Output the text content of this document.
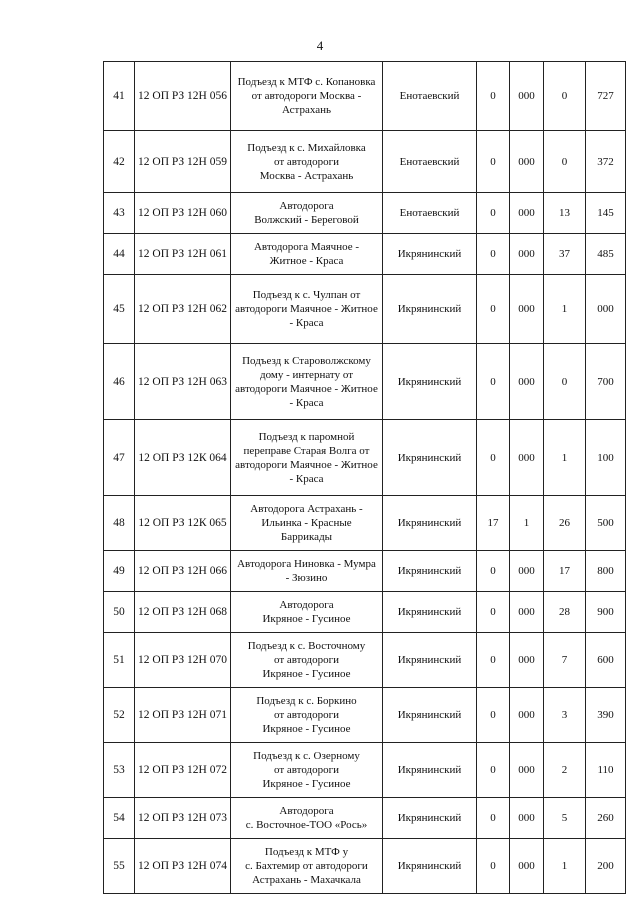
4
41	12 ОП РЗ 12Н 056	Подъезд к МТФ с. Копановка
от автодороги Москва -
Астрахань	Енотаевский	0	000	0	727
42	12 ОП РЗ 12Н 059	Подъезд к с. Михайловка
от автодороги
Москва - Астрахань	Енотаевский	0	000	0	372
43	12 ОП РЗ 12Н 060	Автодорога
Волжский - Береговой	Енотаевский	0	000	13	145
44	12 ОП РЗ 12Н 061	Автодорога Маячное -
Житное - Краса	Икрянинский	0	000	37	485
45	12 ОП РЗ 12Н 062	Подъезд к с. Чулпан от
автодороги Маячное - Житное
- Краса	Икрянинский	0	000	1	000
46	12 ОП РЗ 12Н 063	Подъезд к Староволжскому
дому - интернату от
автодороги Маячное - Житное
- Краса	Икрянинский	0	000	0	700
47	12 ОП РЗ 12К 064	Подъезд к паромной
переправе Старая Волга от
автодороги Маячное - Житное
- Краса	Икрянинский	0	000	1	100
48	12 ОП РЗ 12К 065	Автодорога Астрахань -
Ильинка - Красные
Баррикады	Икрянинский	17	1	26	500
49	12 ОП РЗ 12Н 066	Автодорога Ниновка - Мумра
- Зюзино	Икрянинский	0	000	17	800
50	12 ОП РЗ 12Н 068	Автодорога
Икряное - Гусиное	Икрянинский	0	000	28	900
51	12 ОП РЗ 12Н 070	Подъезд к с. Восточному
от автодороги
Икряное - Гусиное	Икрянинский	0	000	7	600
52	12 ОП РЗ 12Н 071	Подъезд к с. Боркино
от автодороги
Икряное - Гусиное	Икрянинский	0	000	3	390
53	12 ОП РЗ 12Н 072	Подъезд к с. Озерному
от автодороги
Икряное - Гусиное	Икрянинский	0	000	2	110
54	12 ОП РЗ 12Н 073	Автодорога
с. Восточное-ТОО «Рось»	Икрянинский	0	000	5	260
55	12 ОП РЗ 12Н 074	Подъезд к МТФ у
с. Бахтемир от автодороги
Астрахань - Махачкала	Икрянинский	0	000	1	200
